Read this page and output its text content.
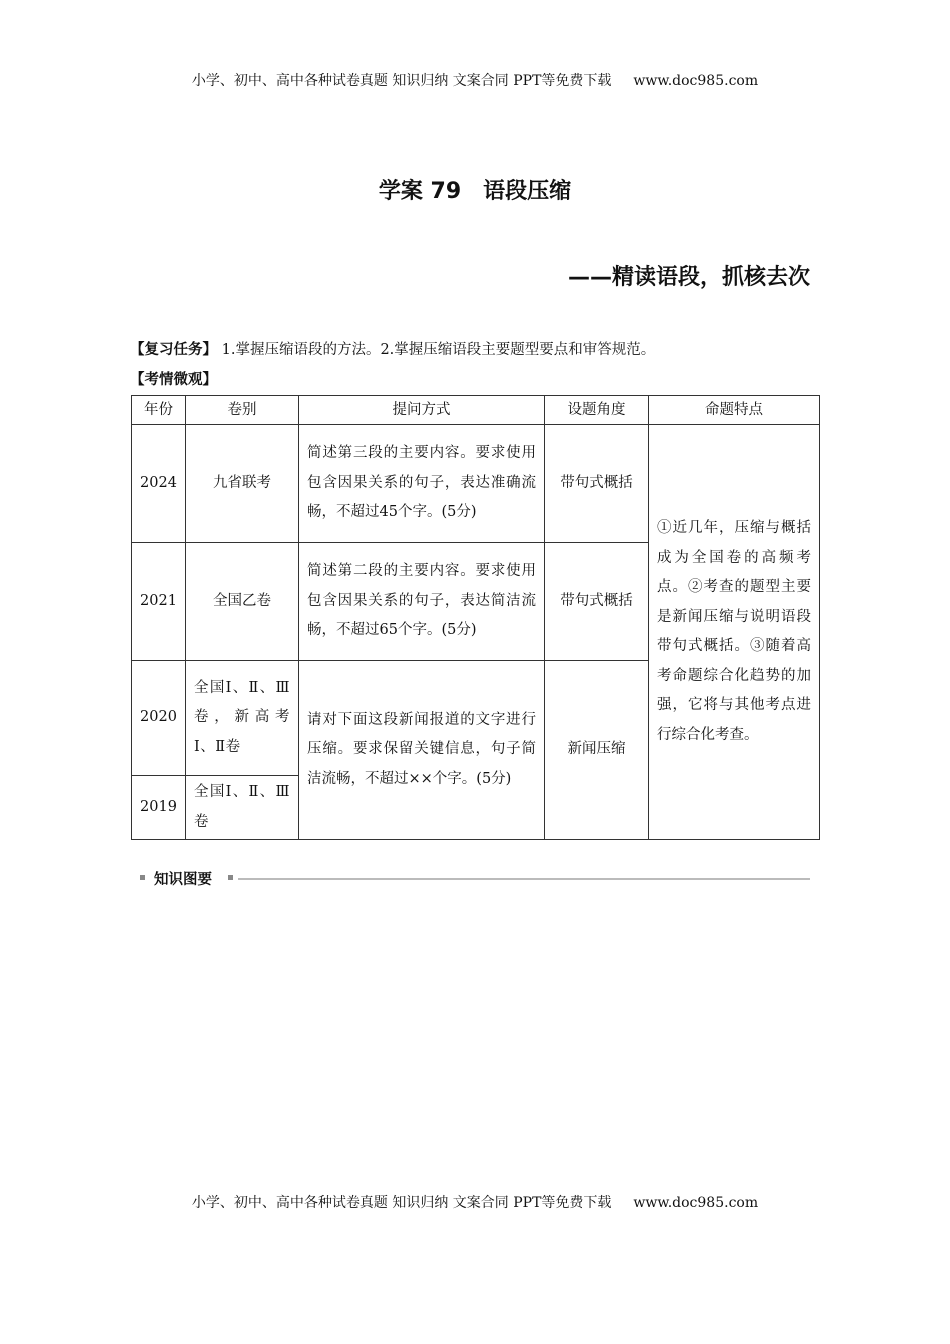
小学、初中、高中各种试卷真题 知识归纳 文案合同 PPT等免费下载 www.doc985.com
学案 79　语段压缩
——精读语段，抓核去次
【复习任务】 1.掌握压缩语段的方法。2.掌握压缩语段主要题型要点和审答规范。
【考情微观】
年份	卷别	提问方式	设题角度	命题特点
2024	九省联考	简述第三段的主要内容。要求使用包含因果关系的句子，表达准确流畅，不超过45个字。(5分)	带句式概括	①近几年，压缩与概括成为全国卷的高频考点。②考查的题型主要是新闻压缩与说明语段带句式概括。③随着高考命题综合化趋势的加强，它将与其他考点进行综合化考查。
2021	全国乙卷	简述第二段的主要内容。要求使用包含因果关系的句子，表达简洁流畅，不超过65个字。(5分)	带句式概括	
2020	全国Ⅰ、Ⅱ、Ⅲ卷，新高考Ⅰ、Ⅱ卷	请对下面这段新闻报道的文字进行压缩。要求保留关键信息，句子简洁流畅，不超过××个字。(5分)	新闻压缩	
2019	全国Ⅰ、Ⅱ、Ⅲ卷			
知识图要
小学、初中、高中各种试卷真题 知识归纳 文案合同 PPT等免费下载 www.doc985.com
